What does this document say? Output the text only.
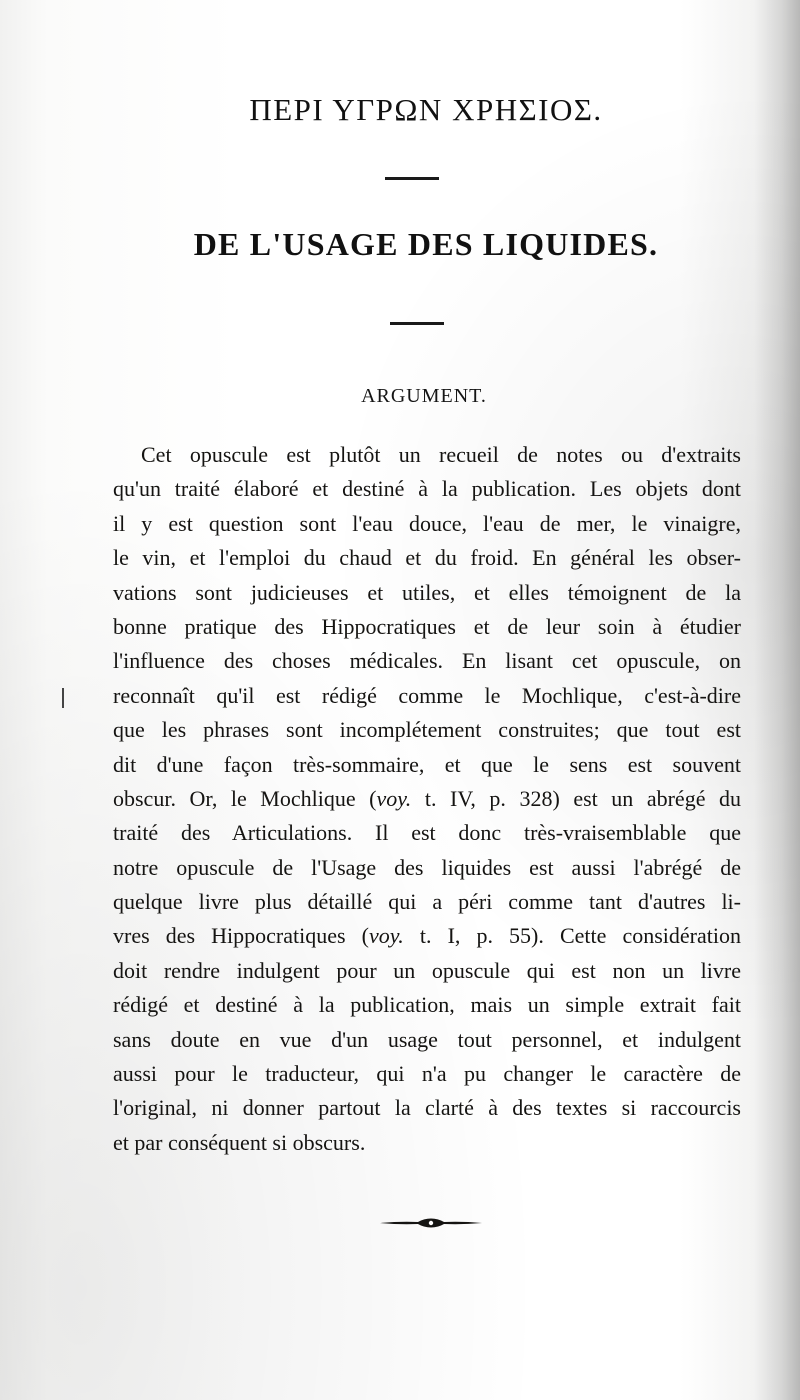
ΠΕΡΙ ΥΓΡΩΝ ΧΡΗΣΙΟΣ.
DE L'USAGE DES LIQUIDES.
ARGUMENT.
Cet opuscule est plutôt un recueil de notes ou d'extraits
qu'un traité élaboré et destiné à la publication. Les objets dont
il y est question sont l'eau douce, l'eau de mer, le vinaigre,
le vin, et l'emploi du chaud et du froid. En général les obser-
vations sont judicieuses et utiles, et elles témoignent de la
bonne pratique des Hippocratiques et de leur soin à étudier
l'influence des choses médicales. En lisant cet opuscule, on
reconnaît qu'il est rédigé comme le Mochlique, c'est-à-dire
que les phrases sont incomplétement construites; que tout est
dit d'une façon très-sommaire, et que le sens est souvent
obscur. Or, le Mochlique (voy. t. IV, p. 328) est un abrégé du
traité des Articulations. Il est donc très-vraisemblable que
notre opuscule de l'Usage des liquides est aussi l'abrégé de
quelque livre plus détaillé qui a péri comme tant d'autres li-
vres des Hippocratiques (voy. t. I, p. 55). Cette considération
doit rendre indulgent pour un opuscule qui est non un livre
rédigé et destiné à la publication, mais un simple extrait fait
sans doute en vue d'un usage tout personnel, et indulgent
aussi pour le traducteur, qui n'a pu changer le caractère de
l'original, ni donner partout la clarté à des textes si raccourcis
et par conséquent si obscurs.
